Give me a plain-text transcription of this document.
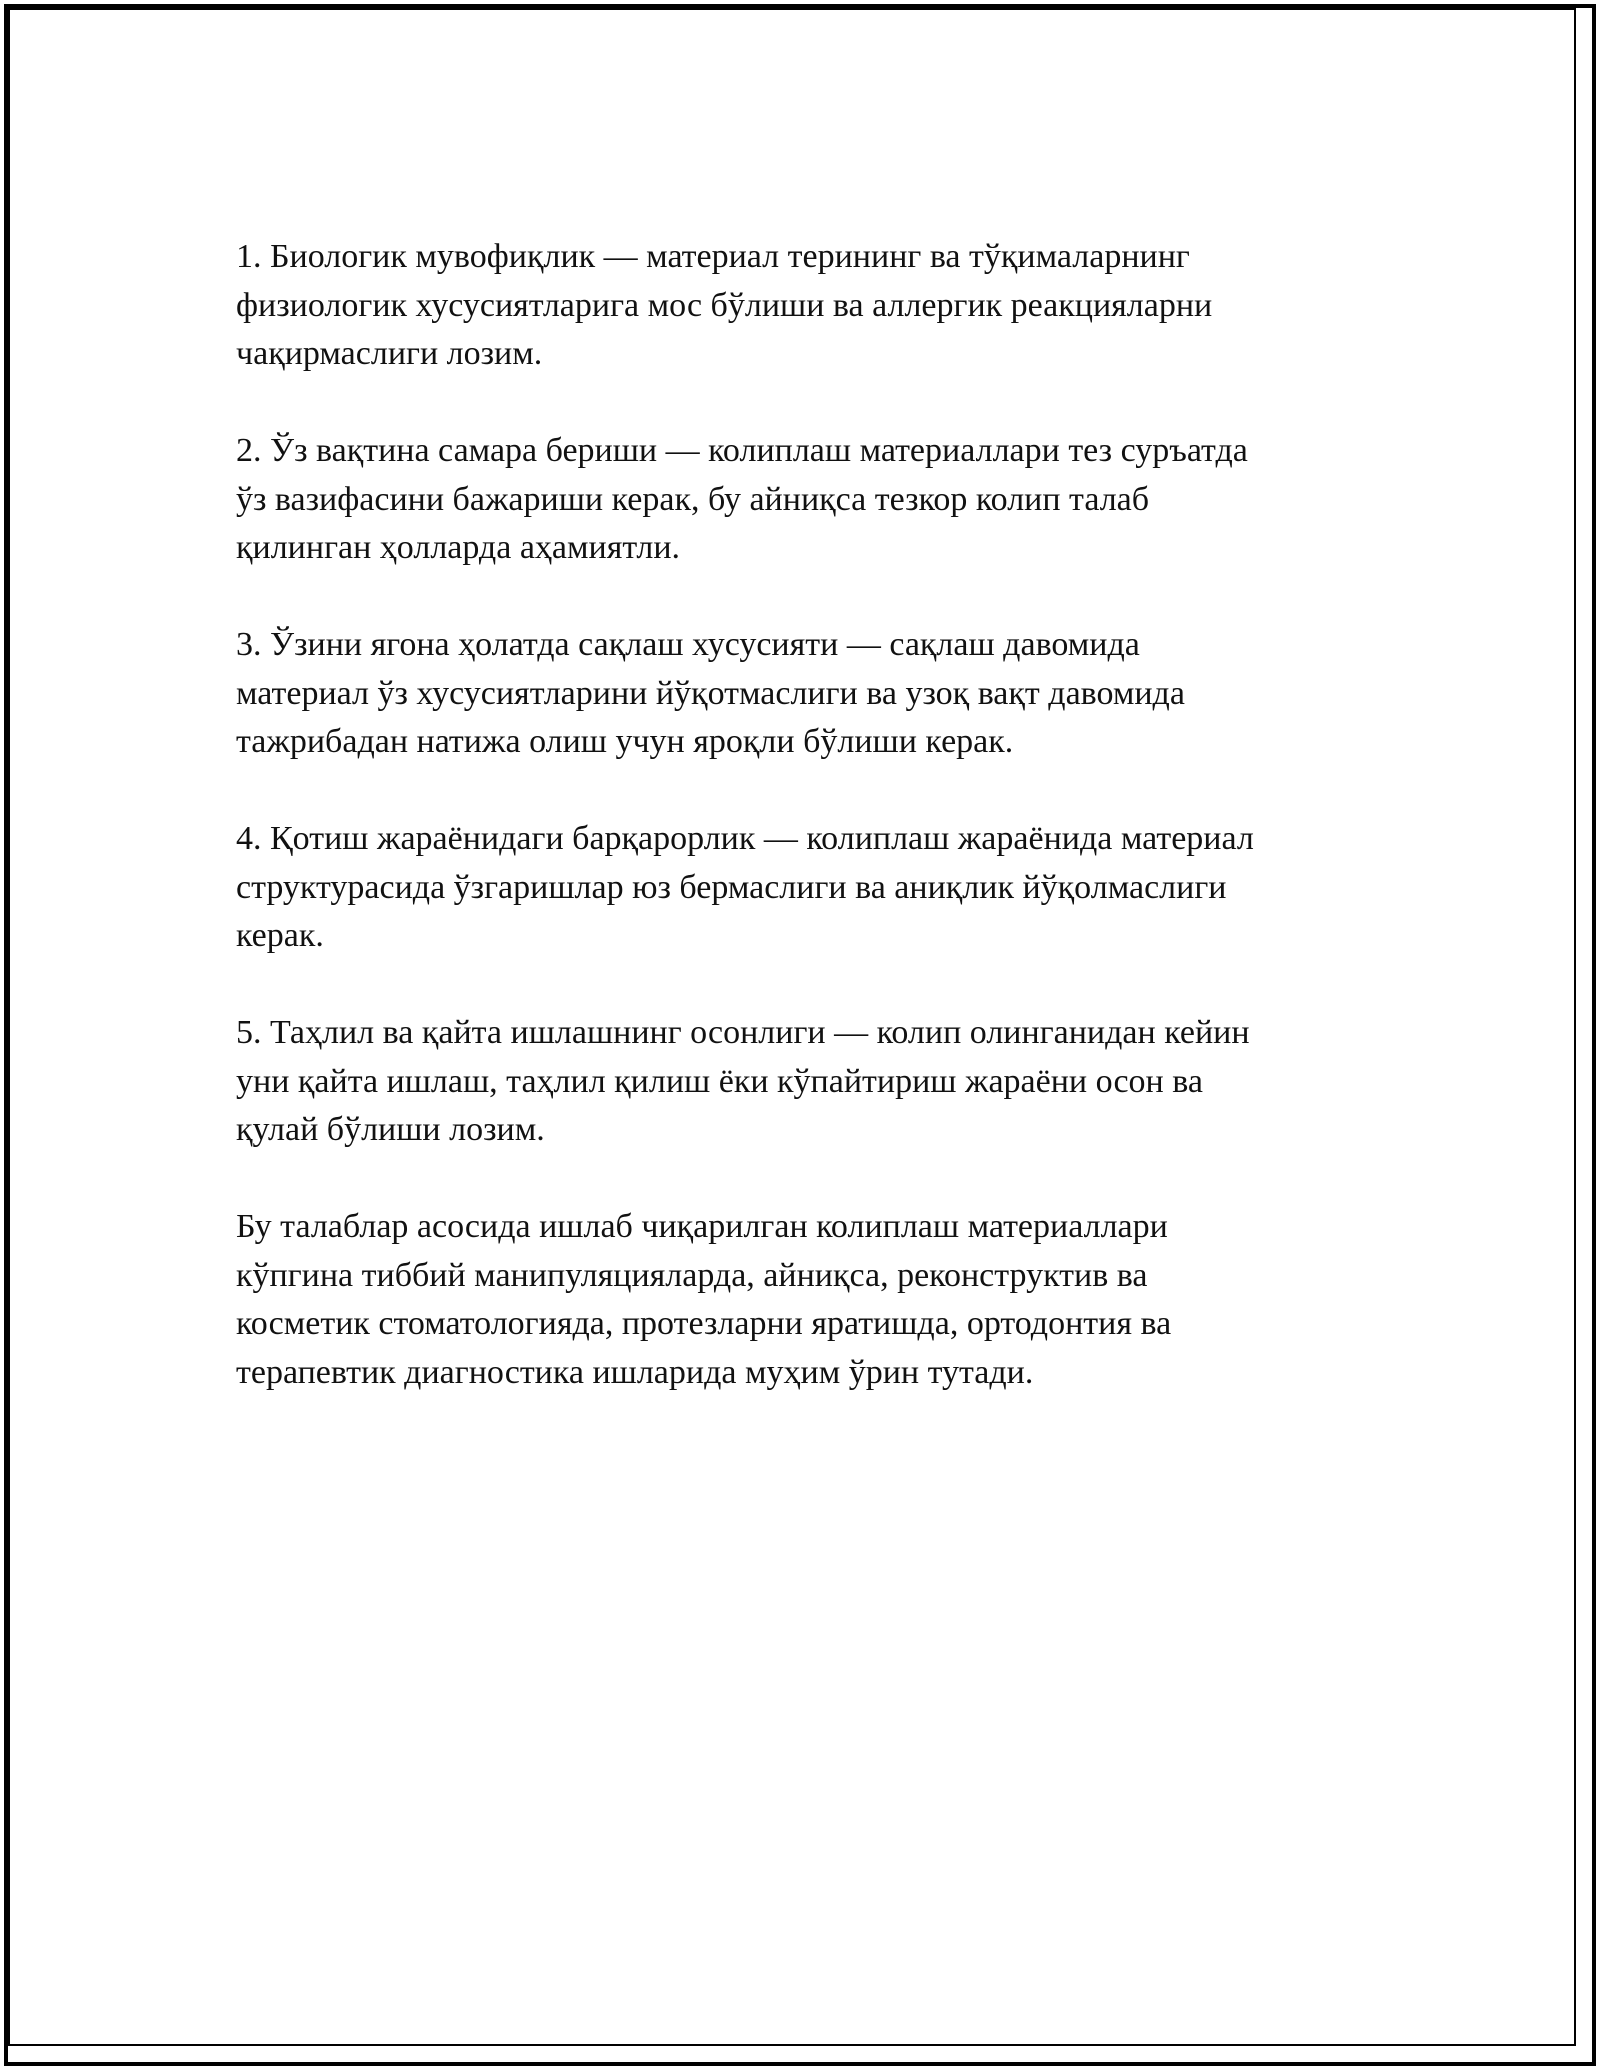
1. Биологик мувофиқлик — материал терининг ва тўқималарнинг
физиологик хусусиятларига мос бўлиши ва аллергик реакцияларни
чақирмаслиги лозим.

2. Ўз вақтина самара бериши — колиплаш материаллари тез суръатда
ўз вазифасини бажариши керак, бу айниқса тезкор колип талаб
қилинган ҳолларда аҳамиятли.

3. Ўзини ягона ҳолатда сақлаш хусусияти — сақлаш давомида
материал ўз хусусиятларини йўқотмаслиги ва узоқ вақт давомида
тажрибадан натижа олиш учун яроқли бўлиши керак.

4. Қотиш жараёнидаги барқарорлик — колиплаш жараёнида материал
структурасида ўзгаришлар юз бермаслиги ва аниқлик йўқолмаслиги
керак.

5. Таҳлил ва қайта ишлашнинг осонлиги — колип олинганидан кейин
уни қайта ишлаш, таҳлил қилиш ёки кўпайтириш жараёни осон ва
қулай бўлиши лозим.

Бу талаблар асосида ишлаб чиқарилган колиплаш материаллари
кўпгина тиббий манипуляцияларда, айниқса, реконструктив ва
косметик стоматологияда, протезларни яратишда, ортодонтия ва
терапевтик диагностика ишларида муҳим ўрин тутади.
